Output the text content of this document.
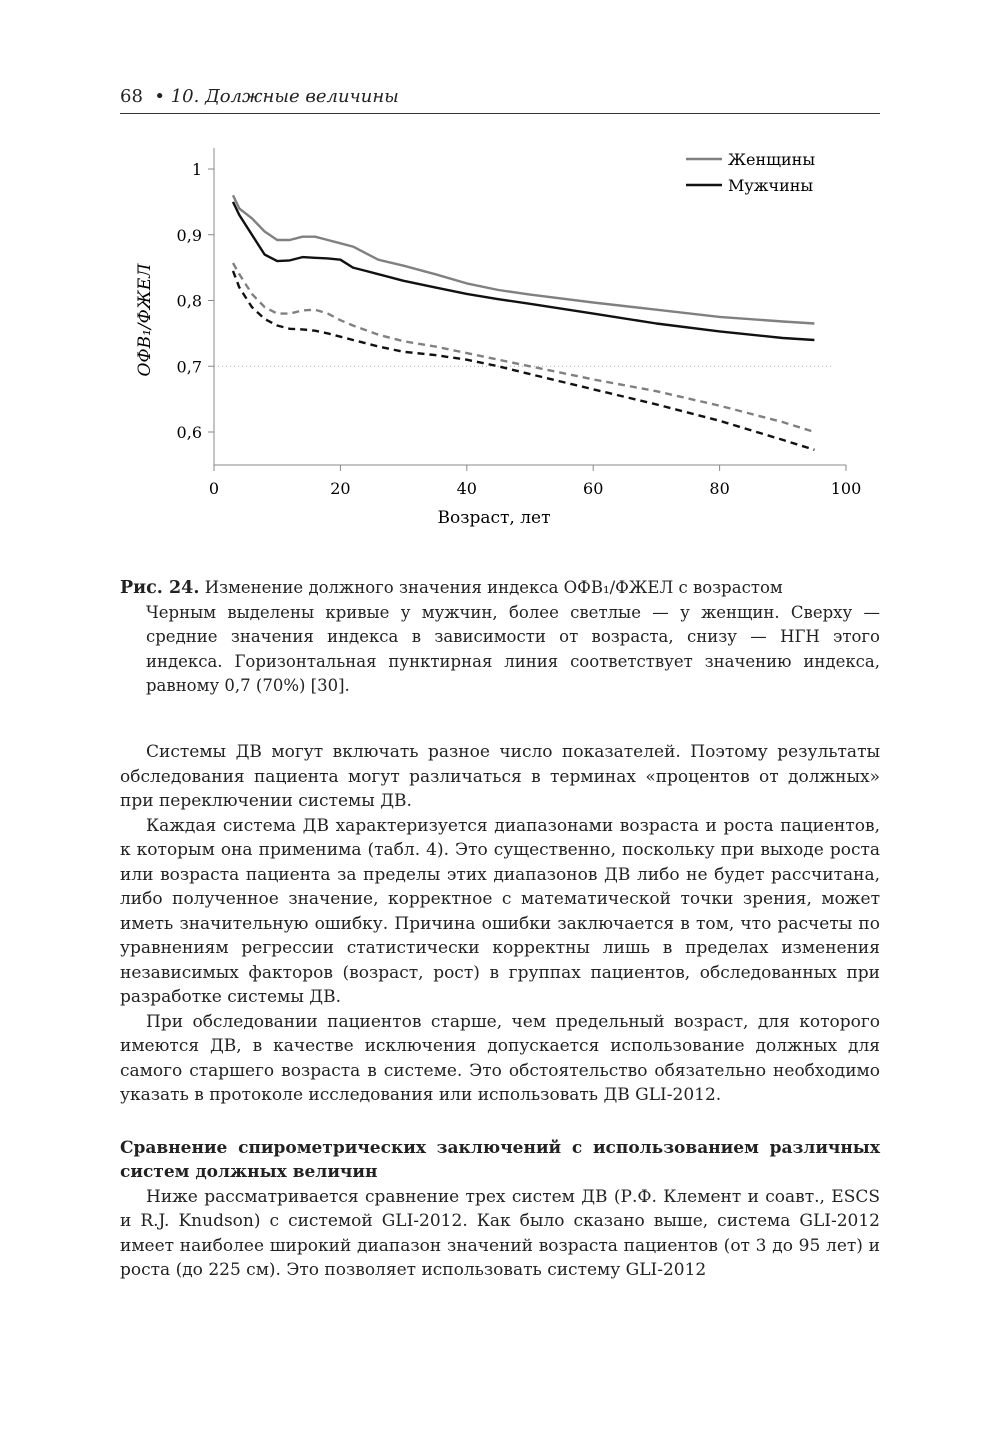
68 • 10. Должные величины
0	20	40	60	80	100
0,6
0,7
0,8
0,9
1
Женщины
Мужчины
Возраст, лет
ОФВ₁/ФЖЕЛ
Рис. 24. Изменение должного значения индекса ОФВ₁/ФЖЕЛ с возрастом
Черным выделены кривые у мужчин, более светлые — у женщин. Сверху — средние значения индекса в зависимости от возраста, снизу — НГН этого индекса. Горизонтальная пунктирная линия соответствует значению индекса, равному 0,7 (70%) [30].

Системы ДВ могут включать разное число показателей. Поэтому результаты обследования пациента могут различаться в терминах «процентов от должных» при переключении системы ДВ.

Каждая система ДВ характеризуется диапазонами возраста и роста пациентов, к которым она применима (табл. 4). Это существенно, поскольку при выходе роста или возраста пациента за пределы этих диапазонов ДВ либо не будет рассчитана, либо полученное значение, корректное с математической точки зрения, может иметь значительную ошибку. Причина ошибки заключается в том, что расчеты по уравнениям регрессии статистически корректны лишь в пределах изменения независимых факторов (возраст, рост) в группах пациентов, обследованных при разработке системы ДВ.

При обследовании пациентов старше, чем предельный возраст, для которого имеются ДВ, в качестве исключения допускается использование должных для самого старшего возраста в системе. Это обстоятельство обязательно необходимо указать в протоколе исследования или использовать ДВ GLI-2012.

Сравнение спирометрических заключений с использованием различных систем должных величин

Ниже рассматривается сравнение трех систем ДВ (Р.Ф. Клемент и соавт., ESCS и R.J. Knudson) с системой GLI-2012. Как было сказано выше, система GLI-2012 имеет наиболее широкий диапазон значений возраста пациентов (от 3 до 95 лет) и роста (до 225 см). Это позволяет использовать систему GLI-2012
